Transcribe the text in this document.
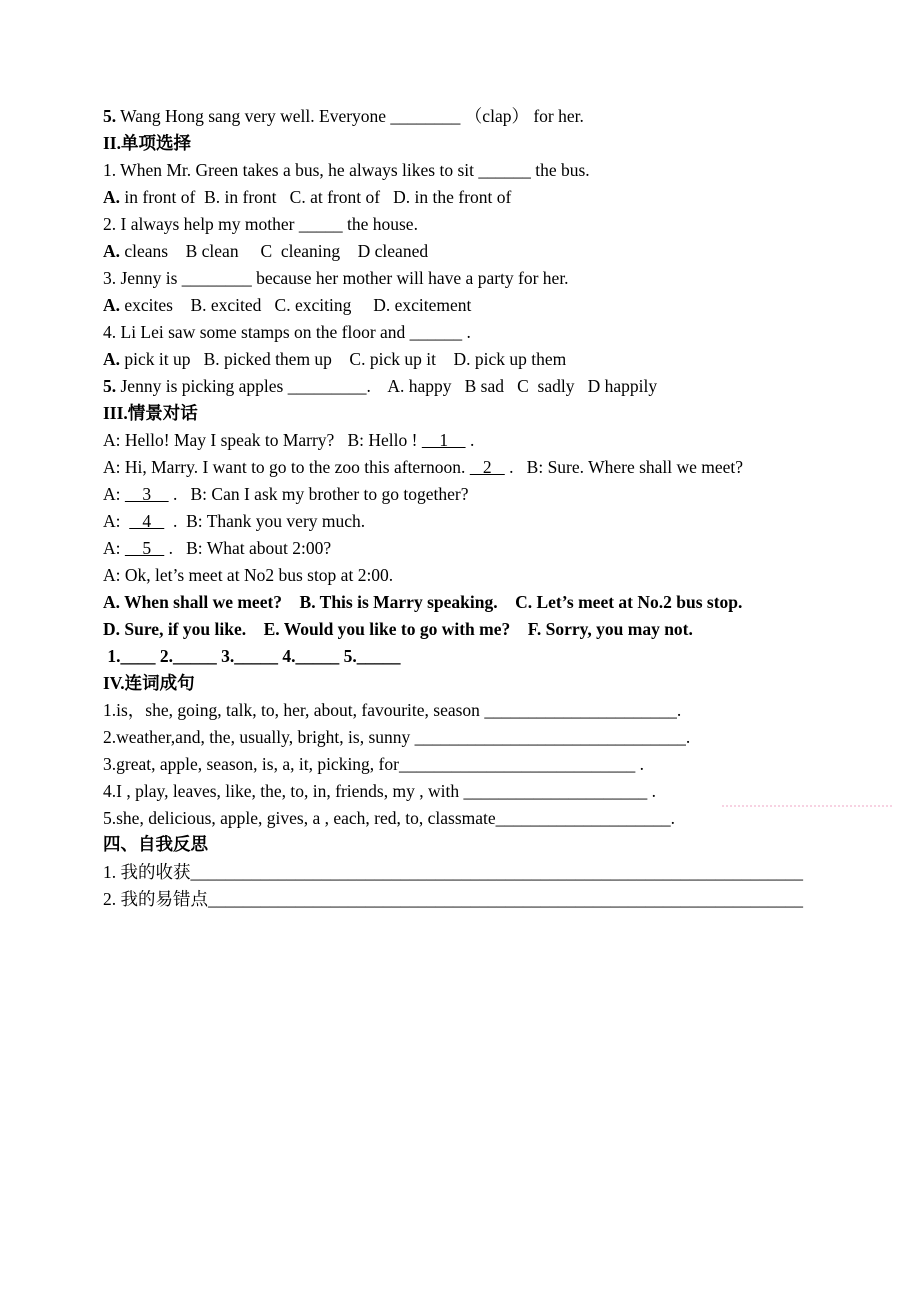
5. Wang Hong sang very well. Everyone ________ （clap） for her.

II.单项选择

1. When Mr. Green takes a bus, he always likes to sit ______ the bus.

A. in front of  B. in front   C. at front of   D. in the front of

2. I always help my mother _____ the house.

A. cleans    B clean     C  cleaning    D cleaned

3. Jenny is ________ because her mother will have a party for her.

A. excites    B. excited   C. exciting     D. excitement

4. Li Lei saw some stamps on the floor and ______ .

A. pick it up   B. picked them up    C. pick up it    D. pick up them

5. Jenny is picking apples _________.    A. happy   B sad   C  sadly   D happily

III.情景对话

A: Hello! May I speak to Marry?   B: Hello !     1     .

A: Hi, Marry. I want to go to the zoo this afternoon.    2    .   B: Sure. Where shall we meet?

A:     3     .   B: Can I ask my brother to go together?

A:     4     .  B: Thank you very much.

A:     5    .   B: What about 2:00?

A: Ok, let’s meet at No2 bus stop at 2:00.

A. When shall we meet?    B. This is Marry speaking.    C. Let’s meet at No.2 bus stop.

D. Sure, if you like.    E. Would you like to go with me?    F. Sorry, you may not.

1.____ 2._____ 3._____ 4._____ 5._____

IV.连词成句

1.is，she, going, talk, to, her, about, favourite, season ______________________.

2.weather,and, the, usually, bright, is, sunny _______________________________.

3.great, apple, season, is, a, it, picking, for___________________________ .

4.I , play, leaves, like, the, to, in, friends, my , with _____________________ .

5.she, delicious, apple, gives, a , each, red, to, classmate____________________.

四、自我反思

1. 我的收获______________________________________________________________________

2. 我的易错点____________________________________________________________________
